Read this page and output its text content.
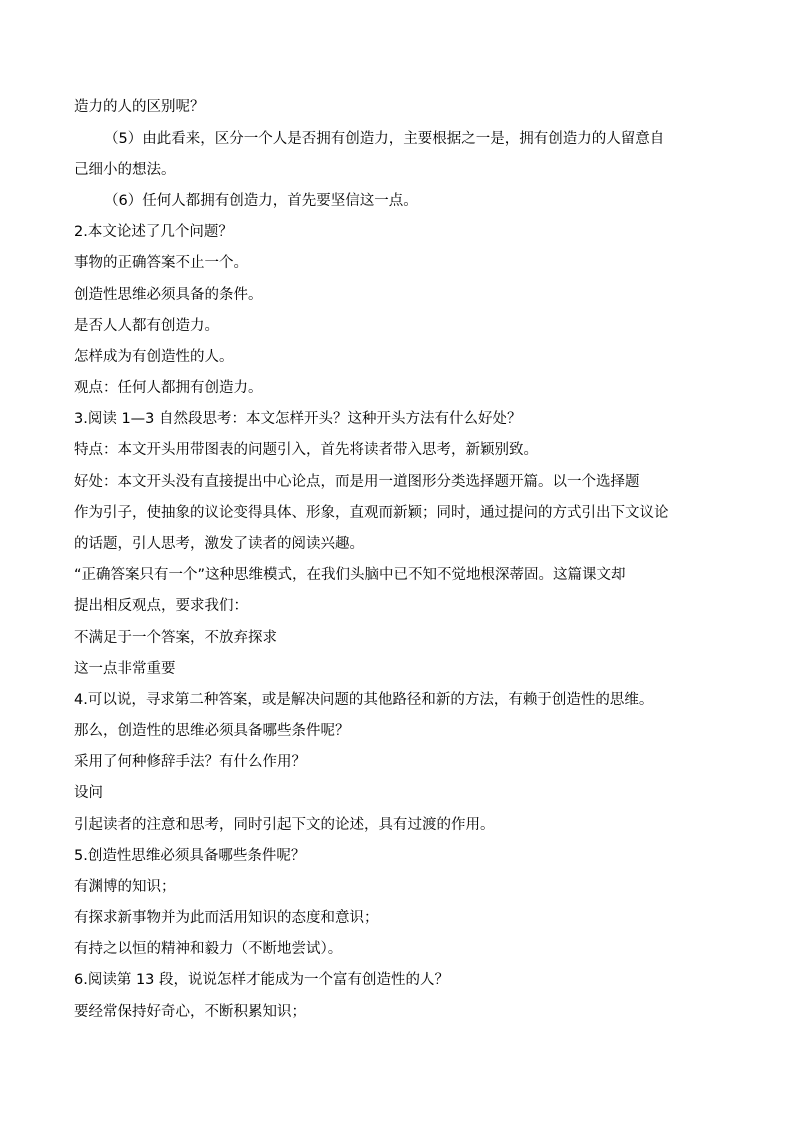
造力的人的区别呢？
（5）由此看来，区分一个人是否拥有创造力，主要根据之一是，拥有创造力的人留意自
己细小的想法。
（6）任何人都拥有创造力，首先要坚信这一点。
2.本文论述了几个问题？
事物的正确答案不止一个。
创造性思维必须具备的条件。
是否人人都有创造力。
怎样成为有创造性的人。
观点：任何人都拥有创造力。
3.阅读 1—3 自然段思考：本文怎样开头？这种开头方法有什么好处？
特点：本文开头用带图表的问题引入，首先将读者带入思考，新颖别致。
好处：本文开头没有直接提出中心论点，而是用一道图形分类选择题开篇。以一个选择题
作为引子，使抽象的议论变得具体、形象，直观而新颖；同时，通过提问的方式引出下文议论
的话题，引人思考，激发了读者的阅读兴趣。
“正确答案只有一个”这种思维模式，在我们头脑中已不知不觉地根深蒂固。这篇课文却
提出相反观点，要求我们：
不满足于一个答案，不放弃探求
这一点非常重要
4.可以说，寻求第二种答案，或是解决问题的其他路径和新的方法，有赖于创造性的思维。
那么，创造性的思维必须具备哪些条件呢？
采用了何种修辞手法？有什么作用？
设问
引起读者的注意和思考，同时引起下文的论述，具有过渡的作用。
5.创造性思维必须具备哪些条件呢？
有渊博的知识；
有探求新事物并为此而活用知识的态度和意识；
有持之以恒的精神和毅力（不断地尝试）。
6.阅读第 13 段，说说怎样才能成为一个富有创造性的人？
要经常保持好奇心，不断积累知识；
